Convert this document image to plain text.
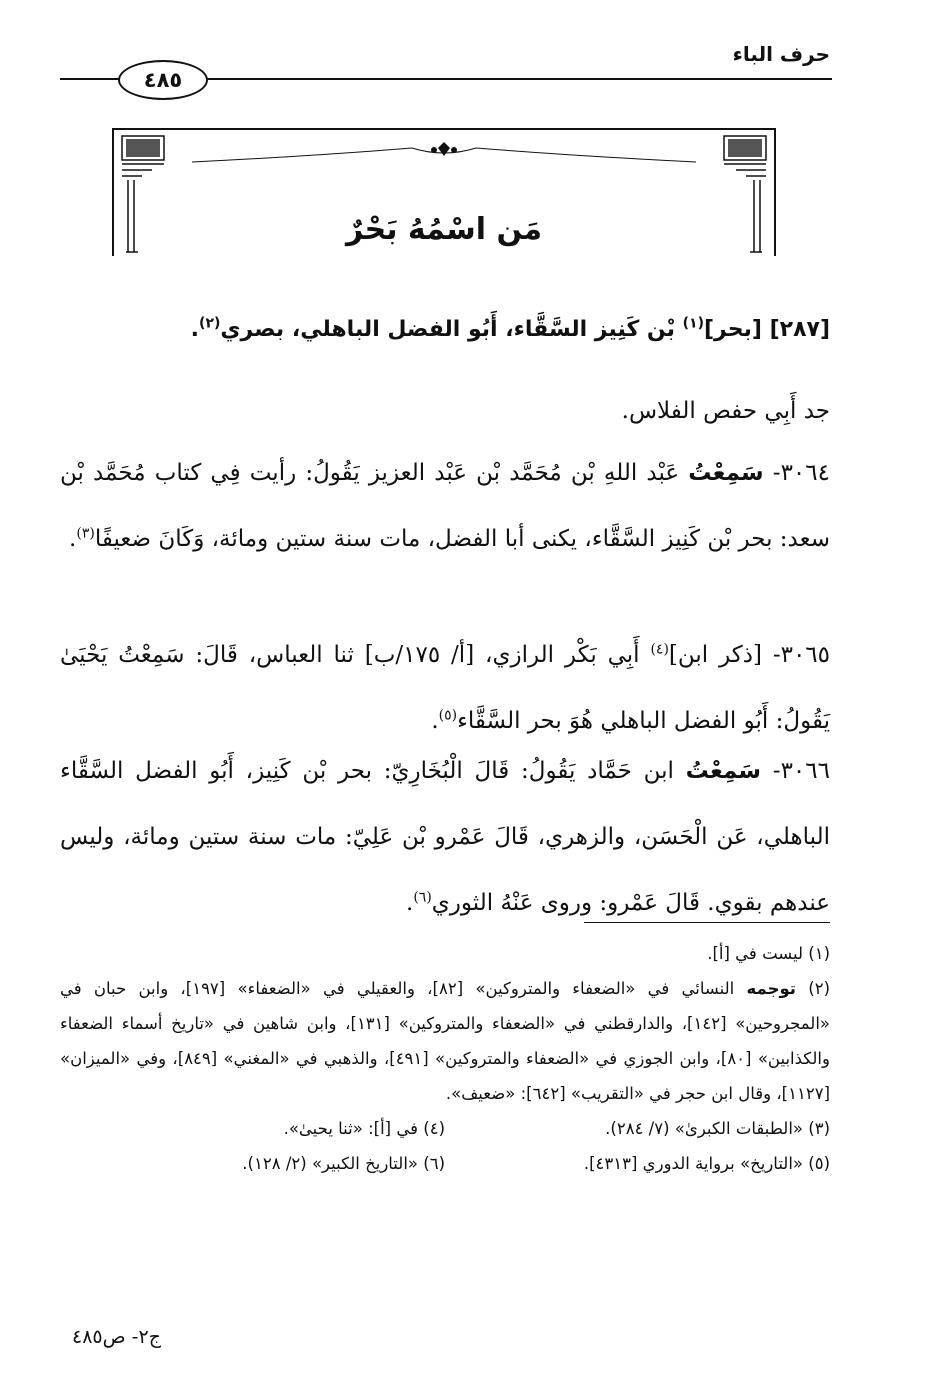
حرف الباء
٤٨٥
مَن اسْمُهُ بَحْرٌ
[٢٨٧] [بحر]$^{(١)}$ بْن كَنِيز السَّقَّاء، أَبُو الفضل الباهلي، بصري$^{(٢)}$.
جد أَبِي حفص الفلاس.
٣٠٦٤- سَمِعْتُ عَبْد اللهِ بْن مُحَمَّد بْن عَبْد العزيز يَقُولُ: رأيت فِي كتاب مُحَمَّد بْن سعد: بحر بْن كَنِيز السَّقَّاء، يكنى أبا الفضل، مات سنة ستين ومائة، وَكَانَ ضعيفًا$^{(٣)}$.
٣٠٦٥- [ذكر ابن]$^{(٤)}$ أَبِي بَكْر الرازي، [أ/ ١٧٥/ب] ثنا العباس، قَالَ: سَمِعْتُ يَحْيَىٰ يَقُولُ: أَبُو الفضل الباهلي هُوَ بحر السَّقَّاء$^{(٥)}$.
٣٠٦٦- سَمِعْتُ ابن حَمَّاد يَقُولُ: قَالَ الْبُخَارِيّ: بحر بْن كَنِيز، أَبُو الفضل السَّقَّاء الباهلي، عَن الْحَسَن، والزهري، قَالَ عَمْرو بْن عَلِيّ: مات سنة ستين ومائة، وليس عندهم بقوي. قَالَ عَمْرو: وروى عَنْهُ الثوري$^{(٦)}$.

(١) ليست في [أ].

(٢) توجمه النسائي في «الضعفاء والمتروكين» [٨٢]، والعقيلي في «الضعفاء» [١٩٧]، وابن حبان في «المجروحين» [١٤٢]، والدارقطني في «الضعفاء والمتروكين» [١٣١]، وابن شاهين في «تاريخ أسماء الضعفاء والكذابين» [٨٠]، وابن الجوزي في «الضعفاء والمتروكين» [٤٩١]، والذهبي في «المغني» [٨٤٩]، وفي «الميزان» [١١٢٧]، وقال ابن حجر في «التقريب» [٦٤٢]: «ضعيف».

(٣) «الطبقات الكبرىٰ» (٧/ ٢٨٤).
(٤) في [أ]: «ثنا يحيىٰ».
(٥) «التاريخ» برواية الدوري [٤٣١٣].
(٦) «التاريخ الكبير» (٢/ ١٢٨).
ج٢- ص٤٨٥
